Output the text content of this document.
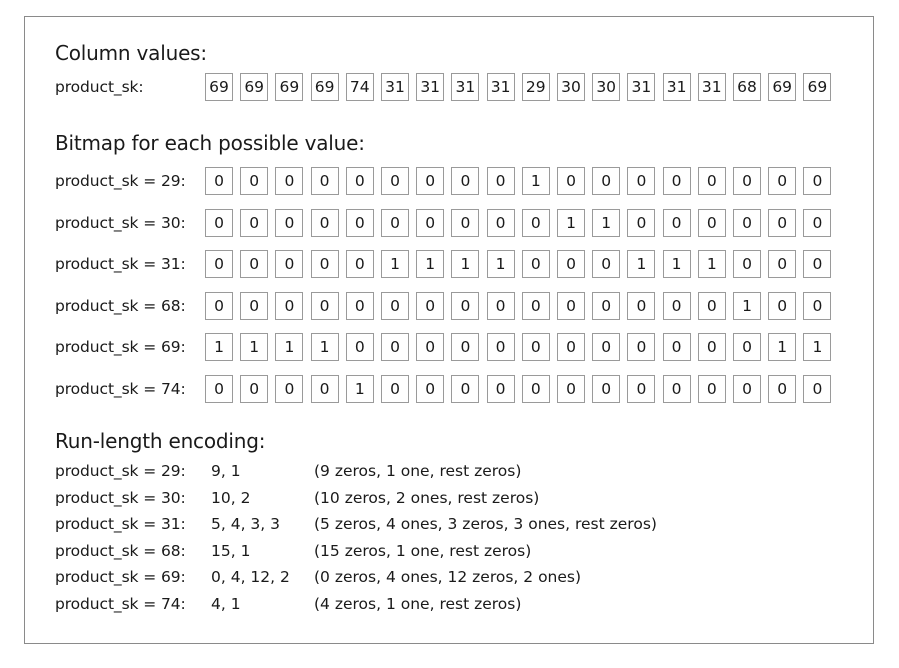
Column values:
product_sk:	69 69 69 69 74 31 31 31 31 29 30 30 31 31 31 68 69 69
Bitmap for each possible value:
product_sk = 29:	0	0	0	0	0	0	0	0	0	1	0	0	0	0	0	0	0	0
product_sk = 30:	0	0	0	0	0	0	0	0	0	0	1	1	0	0	0	0	0	0
product_sk = 31:	0	0	0	0	0	1	1	1	1	0	0	0	1	1	1	0	0	0
product_sk = 68:	0	0	0	0	0	0	0	0	0	0	0	0	0	0	0	1	0	0
product_sk = 69:	1	1	1	1	0	0	0	0	0	0	0	0	0	0	0	0	1	1
product_sk = 74:	0	0	0	0	1	0	0	0	0	0	0	0	0	0	0	0	0	0
Run-length encoding:
product_sk = 29: 9, 1	(9 zeros, 1 one, rest zeros)
product_sk = 30: 10, 2	(10 zeros, 2 ones, rest zeros)
product_sk = 31: 5, 4, 3, 3 (5 zeros, 4 ones, 3 zeros, 3 ones, rest zeros)
product_sk = 68: 15, 1	(15 zeros, 1 one, rest zeros)
product_sk = 69: 0, 4, 12, 2 (0 zeros, 4 ones, 12 zeros, 2 ones)
product_sk = 74: 4, 1	(4 zeros, 1 one, rest zeros)
